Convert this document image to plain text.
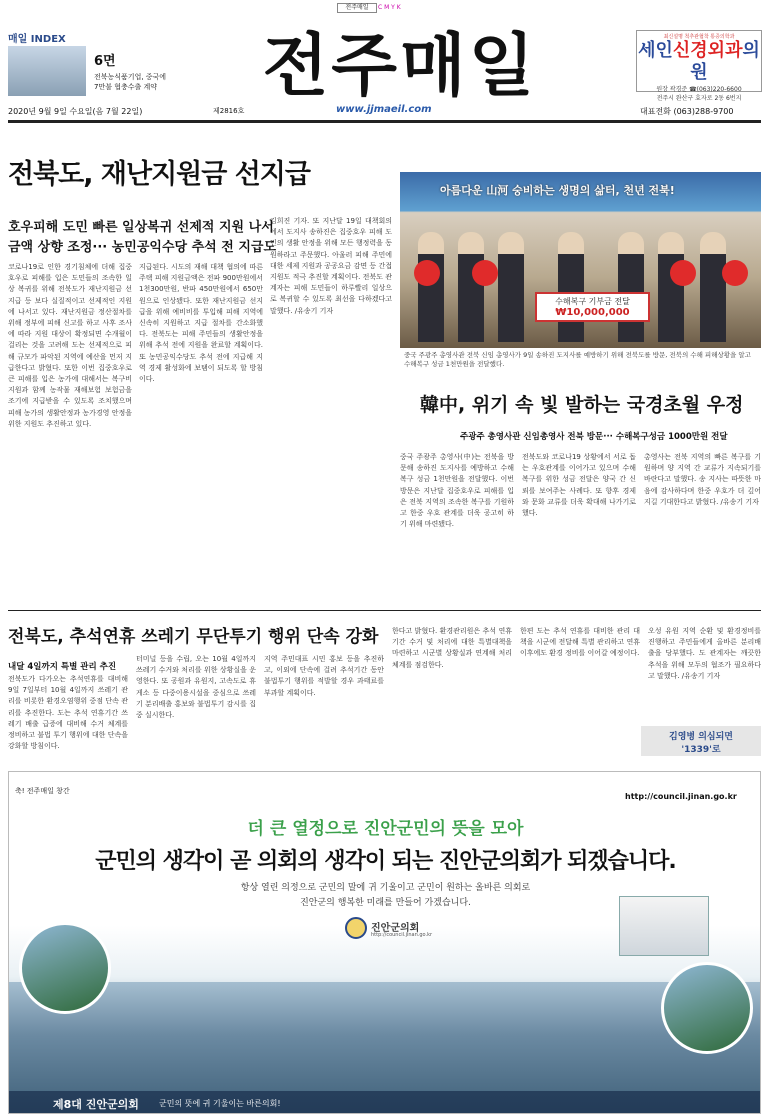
전주매일	C M Y K
매일 INDEX
6면
전북농식품기업, 중국에
7만불 협충수출 계약	전주매일	최신설명 척추관협착 통증의학과
세인신경외과의원
원장 곽경준 ☎(063)220-6600
전주시 완산구 효자로 2동 6번지
2020년 9월 9일 수요일(음 7월 22일)	제2816호	www.jjmaeil.com	대표전화 (063)288-9700
전북도, 재난지원금 선지급
호우피해 도민 빠른 일상복귀 선제적 지원 나서
금액 상향 조정··· 농민공익수당 추석 전 지급도
코로나19로 인한 경기침체에 더해 집중호우로 피해를 입은 도민들의 조속한 일상 복귀를 위해 전북도가 재난지원금 선지급 등 보다 실질적이고 선제적인 지원에 나서고 있다. 재난지원금 정산절차를 위해 정부에 피해 신고를 하고 사후 조사에 따라 지원 대상이 확정되면 수개월이 걸리는 것을 고려해 도는 선제적으로 피해 규모가 파악된 지역에 예산을 먼저 지급한다고 밝혔다. 또한 이번 집중호우로 큰 피해를 입은 농가에 대해서는 복구비 지원과 함께 농작물 재해보험 보험금을 조기에 지급받을 수 있도록 조치했으며 피해 농가의 생활안정과 농가경영 안정을 위한 지원도 추진하고 있다.
지급된다. 시도의 재해 대책 협의에 따른 주택 피해 지원금액은 전파 900만원에서 1천300만원, 반파 450만원에서 650만원으로 인상됐다. 또한 재난지원금 선지급을 위해 예비비를 투입해 피해 지역에 신속히 지원하고 지급 절차를 간소화했다. 전북도는 피해 주민들의 생활안정을 위해 추석 전에 지원을 완료할 계획이다. 또 농민공익수당도 추석 전에 지급해 지역 경제 활성화에 보탬이 되도록 할 방침이다.
김희진 기자. 또 지난달 19일 대책회의에서 도지사 송하진은 집중호우 피해 도민의 생활 안정을 위해 모든 행정력을 동원하라고 주문했다. 아울러 피해 주민에 대한 세제 지원과 공공요금 감면 등 간접지원도 적극 추진할 계획이다. 전북도 관계자는 피해 도민들이 하루빨리 일상으로 복귀할 수 있도록 최선을 다하겠다고 말했다. /유송기 기자
아름다운 山河 숭비하는 생명의 삶터, 천년 전북!
수해복구 기부금 전달
₩10,000,000
중국 주광주 총영사관 전북 신임 총영사가 9일 송하진 도지사를 예방하기 위해 전북도를 방문, 전북의 수해 피해상황을 알고 수해복구 성금 1천만원을 전달했다.
韓中, 위기 속 빛 발하는 국경초월 우정
주광주 총영사관 신임총영사 전북 방문··· 수해복구성금 1000만원 전달
중국 주광주 총영사(中)는 전북을 방문해 송하진 도지사를 예방하고 수해복구 성금 1천만원을 전달했다. 이번 방문은 지난달 집중호우로 피해를 입은 전북 지역의 조속한 복구를 기원하고 한중 우호 관계를 더욱 공고히 하기 위해 마련됐다.
전북도와 코로나19 상황에서 서로 돕는 우호관계를 이어가고 있으며 수해 복구를 위한 성금 전달은 양국 간 신뢰를 보여주는 사례다. 또 향후 경제와 문화 교류를 더욱 확대해 나가기로 했다.
총영사는 전북 지역의 빠른 복구를 기원하며 양 지역 간 교류가 지속되기를 바란다고 말했다. 송 지사는 따뜻한 마음에 감사하다며 한중 우호가 더 깊어지길 기대한다고 밝혔다. /유송기 기자
전북도, 추석연휴 쓰레기 무단투기 행위 단속 강화
내달 4일까지 특별 관리 추진
전북도가 다가오는 추석연휴를 대비해 9일 7일부터 10월 4일까지 쓰레기 관리를 비롯한 환경오염행위 중점 단속 관리를 추진한다. 도는 추석 연휴기간 쓰레기 배출 급증에 대비해 수거 체계를 정비하고 불법 투기 행위에 대한 단속을 강화할 방침이다.
터미널 등을 수립, 오는 10월 4일까지 쓰레기 수거와 처리를 위한 상황실을 운영한다. 또 공원과 유원지, 고속도로 휴게소 등 다중이용시설을 중심으로 쓰레기 분리배출 홍보와 불법투기 감시를 집중 실시한다.
지역 주민대표 시민 홍보 등을 추진하고, 이외에 단속에 걸려 추석기간 동안 불법투기 행위를 적발할 경우 과태료를 부과할 계획이다.
한다고 밝혔다. 환경관리원은 추석 연휴 기간 수거 및 처리에 대한 특별대책을 마련하고 시군별 상황실과 연계해 처리 체계를 점검한다.
한편 도는 추석 연휴를 대비한 관리 대책을 시군에 전달해 특별 관리하고 연휴 이후에도 환경 정비를 이어갈 예정이다.
오성 유원 지역 순환 및 환경정비를 진행하고 주민들에게 올바른 분리배출을 당부했다. 도 관계자는 깨끗한 추석을 위해 모두의 협조가 필요하다고 말했다. /유송기 기자
김영병 의심되면
'1339'로
축! 전주매일 창간
http://council.jinan.go.kr
더 큰 열정으로 진안군민의 뜻을 모아
군민의 생각이 곧 의회의 생각이 되는 진안군의회가 되겠습니다.
항상 열린 의정으로 군민의 말에 귀 기울이고 군민이 원하는 올바른 의회로
진안군의 행복한 미래를 만들어 가겠습니다.
진안군의회
http://council.jinan.go.kr
제8대 진안군의회	군민의 뜻에 귀 기울이는 바른의회!
